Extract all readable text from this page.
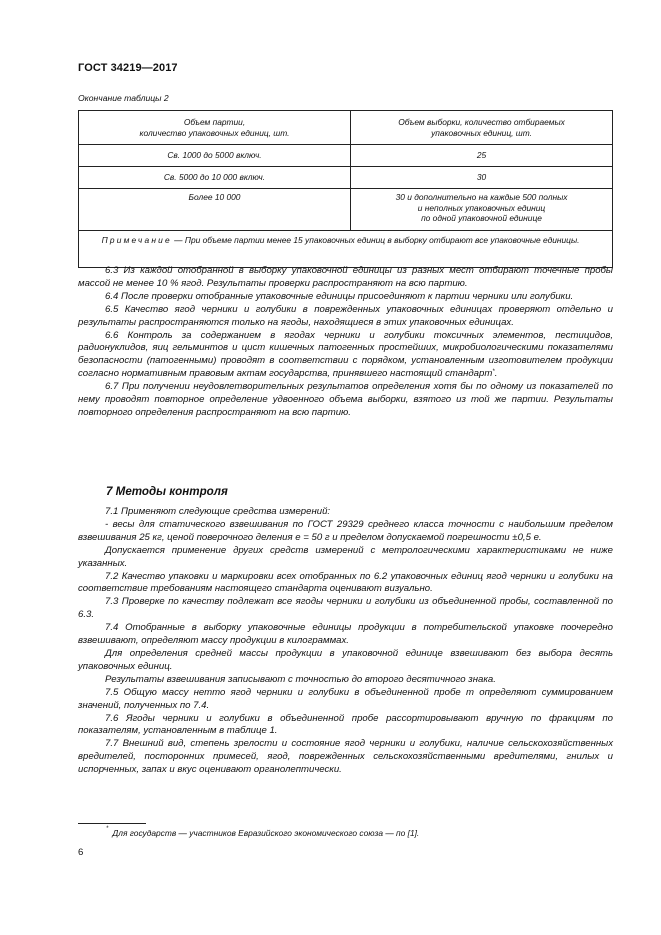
ГОСТ 34219—2017
Окончание таблицы 2
Объем партии,
количество упаковочных единиц, шт.	Объем выборки, количество отбираемых
упаковочных единиц, шт.
Св. 1000 до 5000 включ.	25
Св. 5000 до 10 000 включ.	30
Более 10 000	30 и дополнительно на каждые 500 полных
и неполных упаковочных единиц
по одной упаковочной единице
Примечание — При объеме партии менее 15 упаковочных единиц в выборку отбирают все упаковочные единицы.	

6.3 Из каждой отобранной в выборку упаковочной единицы из разных мест отбирают точечные пробы массой не менее 10 % ягод. Результаты проверки распространяют на всю партию.

6.4 После проверки отобранные упаковочные единицы присоединяют к партии черники или голубики.

6.5 Качество ягод черники и голубики в поврежденных упаковочных единицах проверяют отдельно и результаты распространяются только на ягоды, находящиеся в этих упаковочных единицах.

6.6 Контроль за содержанием в ягодах черники и голубики токсичных элементов, пестицидов, радионуклидов, яиц гельминтов и цист кишечных патогенных простейших, микробиологическими показателями безопасности (патогенными) проводят в соответствии с порядком, установленным изготовителем продукции согласно нормативным правовым актам государства, принявшего настоящий стандарт*.

6.7 При получении неудовлетворительных результатов определения хотя бы по одному из показателей по нему проводят повторное определение удвоенного объема выборки, взятого из той же партии. Результаты повторного определения распространяют на всю партию.

7 Методы контроля

7.1 Применяют следующие средства измерений:

- весы для статического взвешивания по ГОСТ 29329 среднего класса точности с наибольшим пределом взвешивания 25 кг, ценой поверочного деления e = 50 г и пределом допускаемой погрешности ±0,5 e.

Допускается применение других средств измерений с метрологическими характеристиками не ниже указанных.

7.2 Качество упаковки и маркировки всех отобранных по 6.2 упаковочных единиц ягод черники и голубики на соответствие требованиям настоящего стандарта оценивают визуально.

7.3 Проверке по качеству подлежат все ягоды черники и голубики из объединенной пробы, составленной по 6.3.

7.4 Отобранные в выборку упаковочные единицы продукции в потребительской упаковке поочередно взвешивают, определяют массу продукции в килограммах.

Для определения средней массы продукции в упаковочной единице взвешивают без выбора десять упаковочных единиц.

Результаты взвешивания записывают с точностью до второго десятичного знака.

7.5 Общую массу нетто ягод черники и голубики в объединенной пробе m определяют суммированием значений, полученных по 7.4.

7.6 Ягоды черники и голубики в объединенной пробе рассортировывают вручную по фракциям по показателям, установленным в таблице 1.

7.7 Внешний вид, степень зрелости и состояние ягод черники и голубики, наличие сельскохозяйственных вредителей, посторонних примесей, ягод, поврежденных сельскохозяйственными вредителями, гнилых и испорченных, запах и вкус оценивают органолептически.

* Для государств — участников Евразийского экономического союза — по [1].
6
